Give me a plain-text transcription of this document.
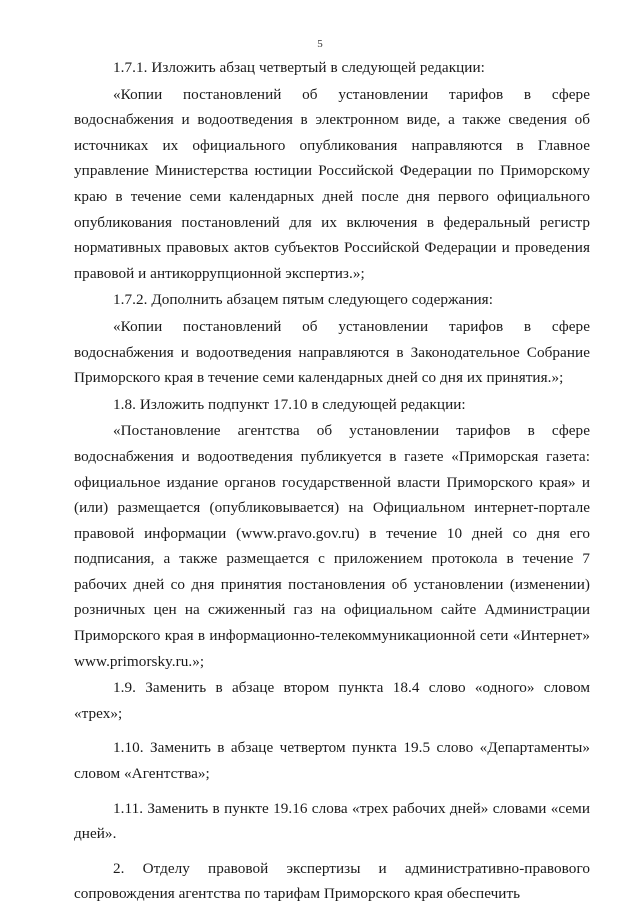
5

1.7.1. Изложить абзац четвертый в следующей редакции:

«Копии постановлений об установлении тарифов в сфере водоснабжения и водоотведения в электронном виде, а также сведения об источниках их официального опубликования направляются в Главное управление Министерства юстиции Российской Федерации по Приморскому краю в течение семи календарных дней после дня первого официального опубликования постановлений для их включения в федеральный регистр нормативных правовых актов субъектов Российской Федерации и проведения правовой и антикоррупционной экспертиз.»;

1.7.2. Дополнить абзацем пятым следующего содержания:

«Копии постановлений об установлении тарифов в сфере водоснабжения и водоотведения направляются в Законодательное Собрание Приморского края в течение семи календарных дней со дня их принятия.»;

1.8. Изложить подпункт 17.10 в следующей редакции:

«Постановление агентства об установлении тарифов в сфере водоснабжения и водоотведения публикуется в газете «Приморская газета: официальное издание органов государственной власти Приморского края» и (или) размещается (опубликовывается) на Официальном интернет-портале правовой информации (www.pravo.gov.ru) в течение 10 дней со дня его подписания, а также размещается с приложением протокола в течение 7 рабочих дней со дня принятия постановления об установлении (изменении) розничных цен на сжиженный газ на официальном сайте Администрации Приморского края в информационно-телекоммуникационной сети «Интернет» www.primorsky.ru.»;

1.9. Заменить в абзаце втором пункта 18.4 слово «одного» словом «трех»;

1.10. Заменить в абзаце четвертом пункта 19.5 слово «Департаменты» словом «Агентства»;

1.11. Заменить в пункте 19.16 слова «трех рабочих дней» словами «семи дней».

2. Отделу правовой экспертизы и административно-правового сопровождения агентства по тарифам Приморского края обеспечить
